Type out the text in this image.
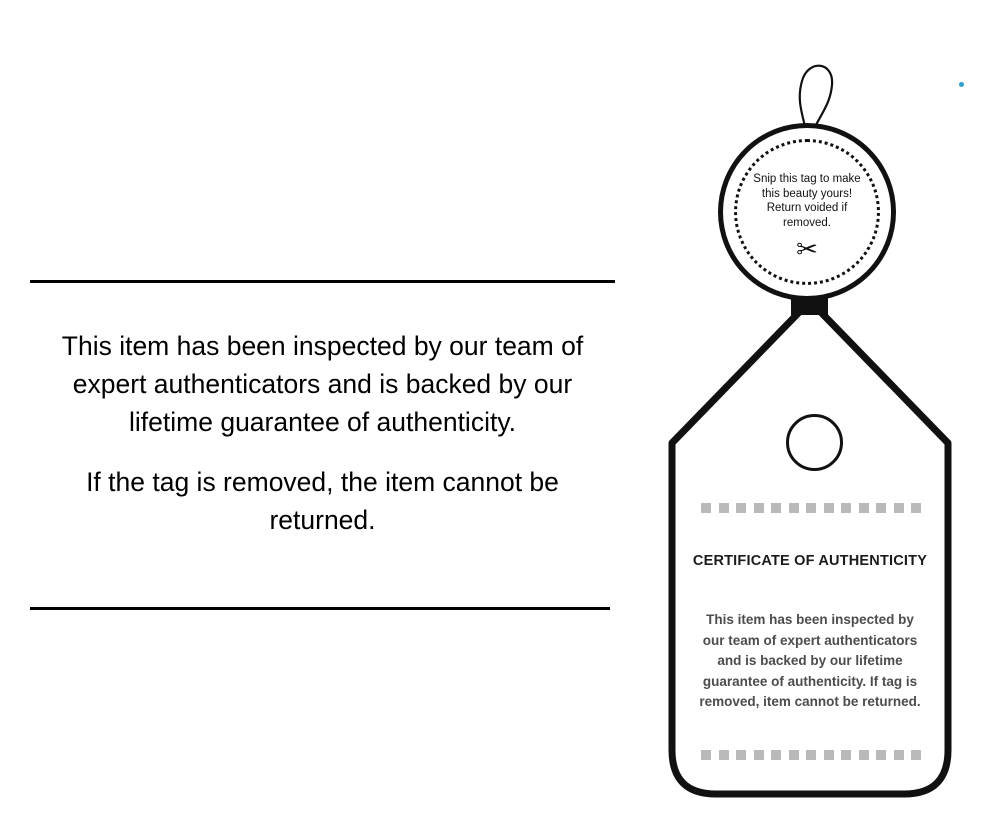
This item has been inspected by our team of expert authenticators and is backed by our lifetime guarantee of authenticity.

If the tag is removed, the item cannot be returned.

Snip this tag to make this beauty yours! Return voided if removed.
✂
CERTIFICATE OF AUTHENTICITY
This item has been inspected by our team of expert authenticators and is backed by our lifetime guarantee of authenticity. If tag is removed, item cannot be returned.
